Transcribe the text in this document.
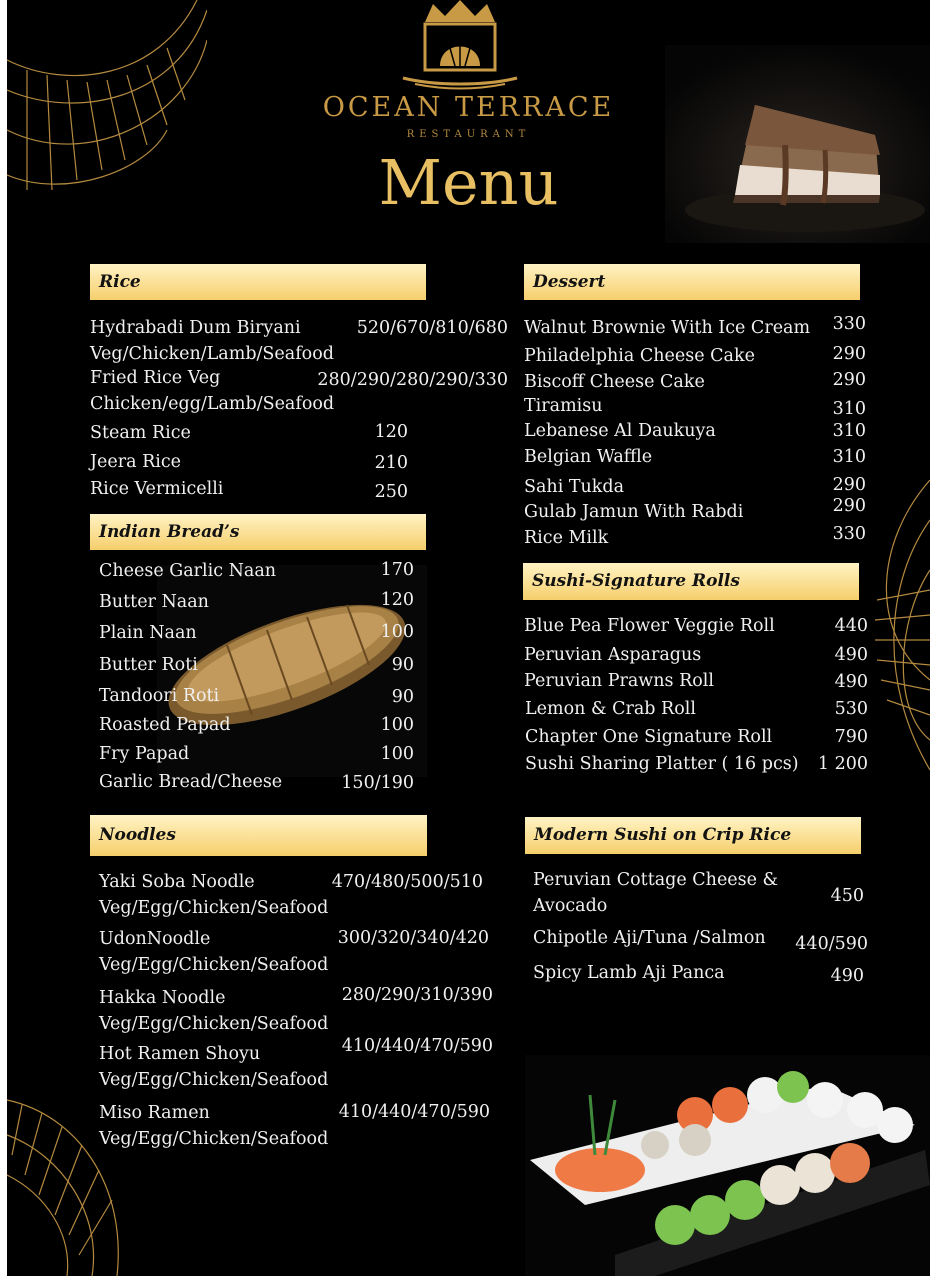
OCEAN TERRACE
RESTAURANT
Menu
Rice
Hydrabadi Dum Biryani	520/670/810/680
Veg/Chicken/Lamb/Seafood
Fried Rice Veg	280/290/280/290/330
Chicken/egg/Lamb/Seafood
Steam Rice	120
Jeera Rice	210
Rice Vermicelli	250
Indian Bread’s
Cheese Garlic Naan	170
Butter Naan	120
Plain Naan	100
Butter Roti	90
Tandoori Roti	90
Roasted Papad	100
Fry Papad	100
Garlic Bread/Cheese	150/190
Noodles
Yaki Soba Noodle	470/480/500/510
Veg/Egg/Chicken/Seafood
UdonNoodle	300/320/340/420
Veg/Egg/Chicken/Seafood
Hakka Noodle	280/290/310/390
Veg/Egg/Chicken/Seafood
Hot Ramen Shoyu	410/440/470/590
Veg/Egg/Chicken/Seafood
Miso Ramen	410/440/470/590
Veg/Egg/Chicken/Seafood
Dessert
Walnut Brownie With Ice Cream	330
Philadelphia Cheese Cake	290
Biscoff Cheese Cake	290
Tiramisu	310
Lebanese Al Daukuya	310
Belgian Waffle	310
Sahi Tukda	290
Gulab Jamun With Rabdi	290
Rice Milk	330
Sushi-Signature Rolls
Blue Pea Flower Veggie Roll	440
Peruvian Asparagus	490
Peruvian Prawns Roll	490
Lemon & Crab Roll	530
Chapter One Signature Roll	790
Sushi Sharing Platter ( 16 pcs)	1 200
Modern Sushi on Crip Rice
Peruvian Cottage Cheese &
Avocado	450
Chipotle Aji/Tuna /Salmon	440/590
Spicy Lamb Aji Panca	490
